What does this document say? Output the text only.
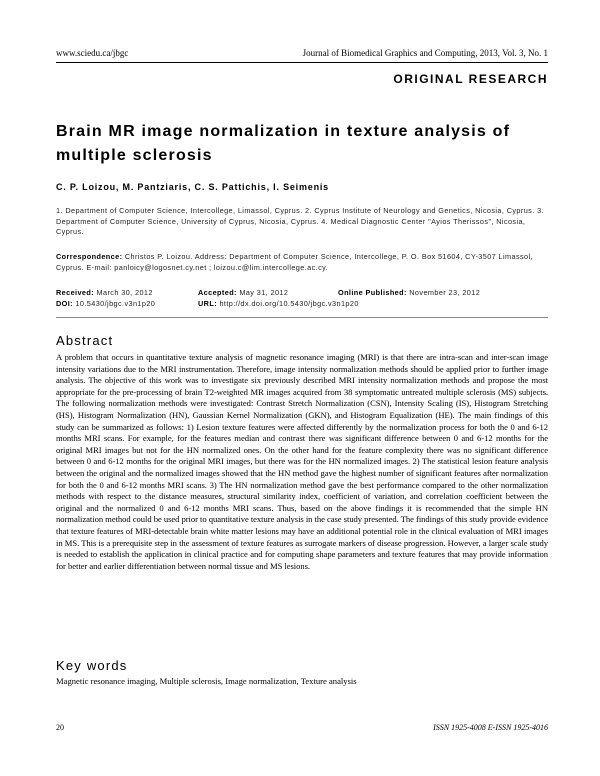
www.sciedu.ca/jbgc	Journal of Biomedical Graphics and Computing, 2013, Vol. 3, No. 1
ORIGINAL RESEARCH
Brain MR image normalization in texture analysis of multiple sclerosis
C. P. Loizou, M. Pantziaris, C. S. Pattichis, I. Seimenis
1. Department of Computer Science, Intercollege, Limassol, Cyprus. 2. Cyprus Institute of Neurology and Genetics, Nicosia, Cyprus. 3. Department of Computer Science, University of Cyprus, Nicosia, Cyprus. 4. Medical Diagnostic Center "Ayios Therissos", Nicosia, Cyprus.
Correspondence: Christos P. Loizou. Address: Department of Computer Science, Intercollege, P. O. Box 51604, CY-3507 Limassol, Cyprus. E-mail: panloicy@logosnet.cy.net ; loizou.c@lim.intercollege.ac.cy.
Received: March 30, 2012	Accepted: May 31, 2012	Online Published: November 23, 2012
DOI: 10.5430/jbgc.v3n1p20	URL: http://dx.doi.org/10.5430/jbgc.v3n1p20
Abstract

A problem that occurs in quantitative texture analysis of magnetic resonance imaging (MRI) is that there are intra-scan and inter-scan image intensity variations due to the MRI instrumentation. Therefore, image intensity normalization methods should be applied prior to further image analysis. The objective of this work was to investigate six previously described MRI intensity normalization methods and propose the most appropriate for the pre-processing of brain T2-weighted MR images acquired from 38 symptomatic untreated multiple sclerosis (MS) subjects. The following normalization methods were investigated: Contrast Stretch Normalization (CSN), Intensity Scaling (IS), Histogram Stretching (HS), Histogram Normalization (HN), Gaussian Kernel Normalization (GKN), and Histogram Equalization (HE). The main findings of this study can be summarized as follows: 1) Lesion texture features were affected differently by the normalization process for both the 0 and 6-12 months MRI scans. For example, for the features median and contrast there was significant difference between 0 and 6-12 months for the original MRI images but not for the HN normalized ones. On the other hand for the feature complexity there was no significant difference between 0 and 6-12 months for the original MRI images, but there was for the HN normalized images. 2) The statistical lesion feature analysis between the original and the normalized images showed that the HN method gave the highest number of significant features after normalization for both the 0 and 6-12 months MRI scans. 3) The HN normalization method gave the best performance compared to the other normalization methods with respect to the distance measures, structural similarity index, coefficient of variation, and correlation coefficient between the original and the normalized 0 and 6-12 months MRI scans. Thus, based on the above findings it is recommended that the simple HN normalization method could be used prior to quantitative texture analysis in the case study presented. The findings of this study provide evidence that texture features of MRI-detectable brain white matter lesions may have an additional potential role in the clinical evaluation of MRI images in MS. This is a prerequisite step in the assessment of texture features as surrogate markers of disease progression. However, a larger scale study is needed to establish the application in clinical practice and for computing shape parameters and texture features that may provide information for better and earlier differentiation between normal tissue and MS lesions.

Key words

Magnetic resonance imaging, Multiple sclerosis, Image normalization, Texture analysis

20	ISSN 1925-4008 E-ISSN 1925-4016
